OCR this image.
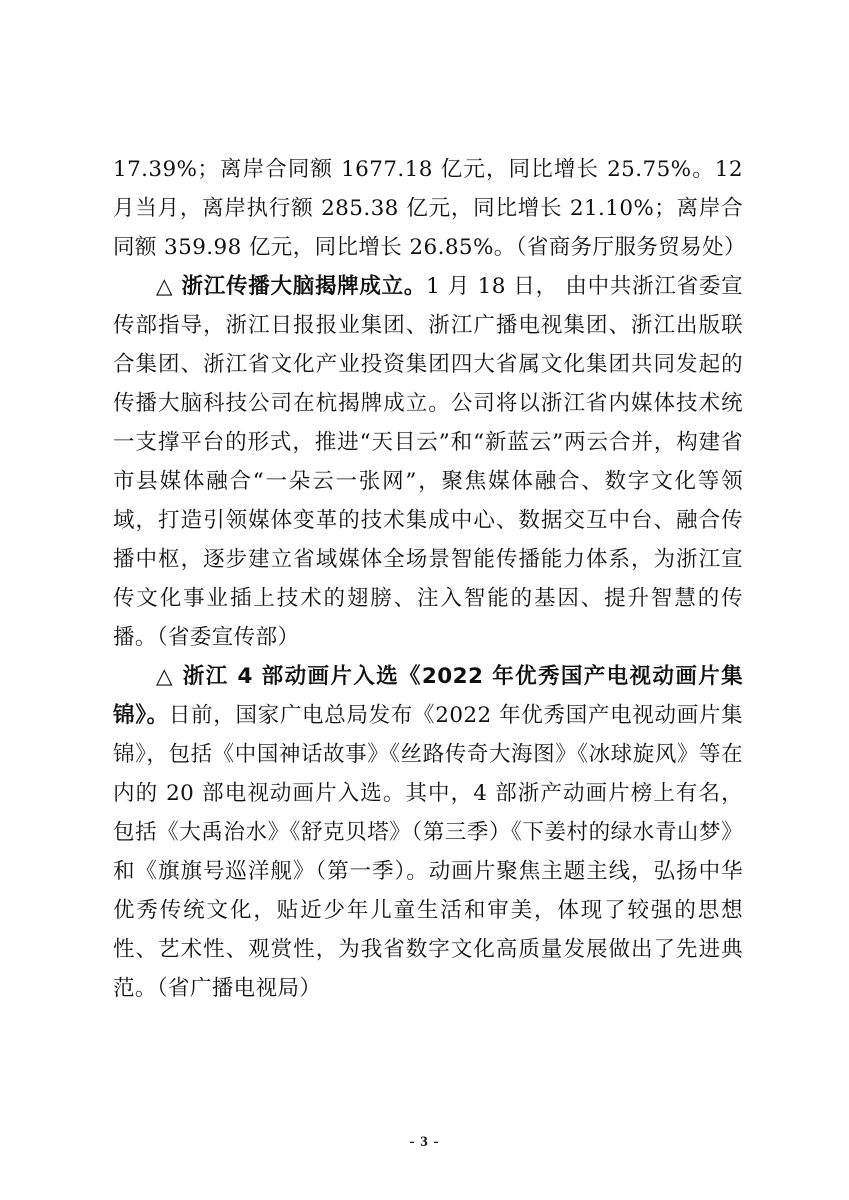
17.39%；离岸合同额 1677.18 亿元，同比增长 25.75%。12 月当月，离岸执行额 285.38 亿元，同比增长 21.10%；离岸合同额 359.98 亿元，同比增长 26.85%。（省商务厅服务贸易处）

△ 浙江传播大脑揭牌成立。1 月 18 日， 由中共浙江省委宣传部指导，浙江日报报业集团、浙江广播电视集团、浙江出版联合集团、浙江省文化产业投资集团四大省属文化集团共同发起的传播大脑科技公司在杭揭牌成立。公司将以浙江省内媒体技术统一支撑平台的形式，推进“天目云”和“新蓝云”两云合并，构建省市县媒体融合“一朵云一张网”，聚焦媒体融合、数字文化等领域，打造引领媒体变革的技术集成中心、数据交互中台、融合传播中枢，逐步建立省域媒体全场景智能传播能力体系，为浙江宣传文化事业插上技术的翅膀、注入智能的基因、提升智慧的传播。（省委宣传部）

△ 浙江 4 部动画片入选《2022 年优秀国产电视动画片集锦》。日前，国家广电总局发布《2022 年优秀国产电视动画片集锦》，包括《中国神话故事》《丝路传奇大海图》《冰球旋风》等在内的 20 部电视动画片入选。其中，4 部浙产动画片榜上有名，包括《大禹治水》《舒克贝塔》（第三季）《下姜村的绿水青山梦》和《旗旗号巡洋舰》（第一季）。动画片聚焦主题主线，弘扬中华优秀传统文化，贴近少年儿童生活和审美，体现了较强的思想性、艺术性、观赏性，为我省数字文化高质量发展做出了先进典范。（省广播电视局）

- 3 -
